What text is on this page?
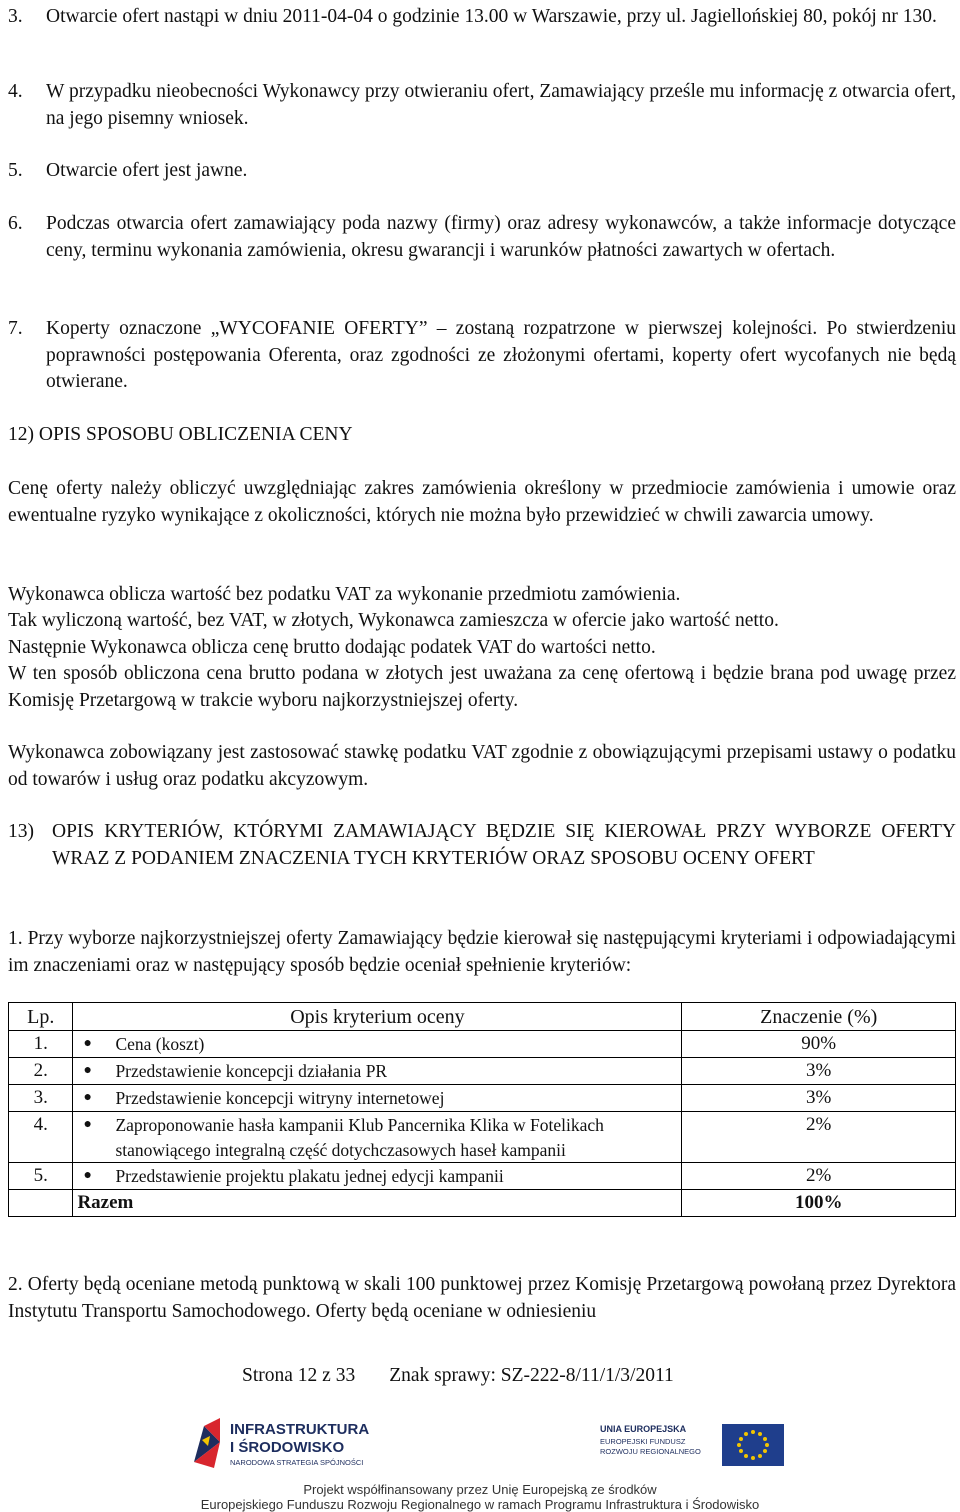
3. Otwarcie ofert nastąpi w dniu 2011-04-04 o godzinie 13.00 w Warszawie, przy ul. Jagiellońskiej 80, pokój nr 130.
4. W przypadku nieobecności Wykonawcy przy otwieraniu ofert, Zamawiający prześle mu informację z otwarcia ofert, na jego pisemny wniosek.
5. Otwarcie ofert jest jawne.
6. Podczas otwarcia ofert zamawiający poda nazwy (firmy) oraz adresy wykonawców, a także informacje dotyczące ceny, terminu wykonania zamówienia, okresu gwarancji i warunków płatności zawartych w ofertach.
7. Koperty oznaczone „WYCOFANIE OFERTY” – zostaną rozpatrzone w pierwszej kolejności. Po stwierdzeniu poprawności postępowania Oferenta, oraz zgodności ze złożonymi ofertami, koperty ofert wycofanych nie będą otwierane.
12) OPIS SPOSOBU OBLICZENIA CENY
Cenę oferty należy obliczyć uwzględniając zakres zamówienia określony w przedmiocie zamówienia i umowie oraz ewentualne ryzyko wynikające z okoliczności, których nie można było przewidzieć w chwili zawarcia umowy.
Wykonawca oblicza wartość bez podatku VAT za wykonanie przedmiotu zamówienia.
Tak wyliczoną wartość, bez VAT, w złotych, Wykonawca zamieszcza w ofercie jako wartość netto.
Następnie Wykonawca oblicza cenę brutto dodając podatek VAT do wartości netto.
W ten sposób obliczona cena brutto podana w złotych jest uważana za cenę ofertową i będzie brana pod uwagę przez Komisję Przetargową w trakcie wyboru najkorzystniejszej oferty.
Wykonawca zobowiązany jest zastosować stawkę podatku VAT zgodnie z obowiązującymi przepisami ustawy o podatku od towarów i usług oraz podatku akcyzowym.
13) OPIS KRYTERIÓW, KTÓRYMI ZAMAWIAJĄCY BĘDZIE SIĘ KIEROWAŁ PRZY WYBORZE OFERTY WRAZ Z PODANIEM ZNACZENIA TYCH KRYTERIÓW ORAZ SPOSOBU OCENY OFERT
1. Przy wyborze najkorzystniejszej oferty Zamawiający będzie kierował się następującymi kryteriami i odpowiadającymi im znaczeniami oraz w następujący sposób będzie oceniał spełnienie kryteriów:
Lp.	Opis kryterium oceny	Znaczenie (%)
1.	● Cena (koszt)	90%
2.	● Przedstawienie koncepcji działania PR	3%
3.	● Przedstawienie koncepcji witryny internetowej	3%
4.	● Zaproponowanie hasła kampanii Klub Pancernika Klika w Fotelikach stanowiącego integralną część dotychczasowych haseł kampanii	2%
5.	● Przedstawienie projektu plakatu jednej edycji kampanii	2%
	Razem	100%
2. Oferty będą oceniane metodą punktową w skali 100 punktowej przez Komisję Przetargową powołaną przez Dyrektora Instytutu Transportu Samochodowego. Oferty będą oceniane w odniesieniu
Strona 12 z 33 Znak sprawy: SZ-222-8/11/1/3/2011
INFRASTRUKTURA
I ŚRODOWISKO
NARODOWA STRATEGIA SPÓJNOŚCI
UNIA EUROPEJSKA
EUROPEJSKI FUNDUSZ
ROZWOJU REGIONALNEGO
Projekt współfinansowany przez Unię Europejską ze środków
Europejskiego Funduszu Rozwoju Regionalnego w ramach Programu Infrastruktura i Środowisko
